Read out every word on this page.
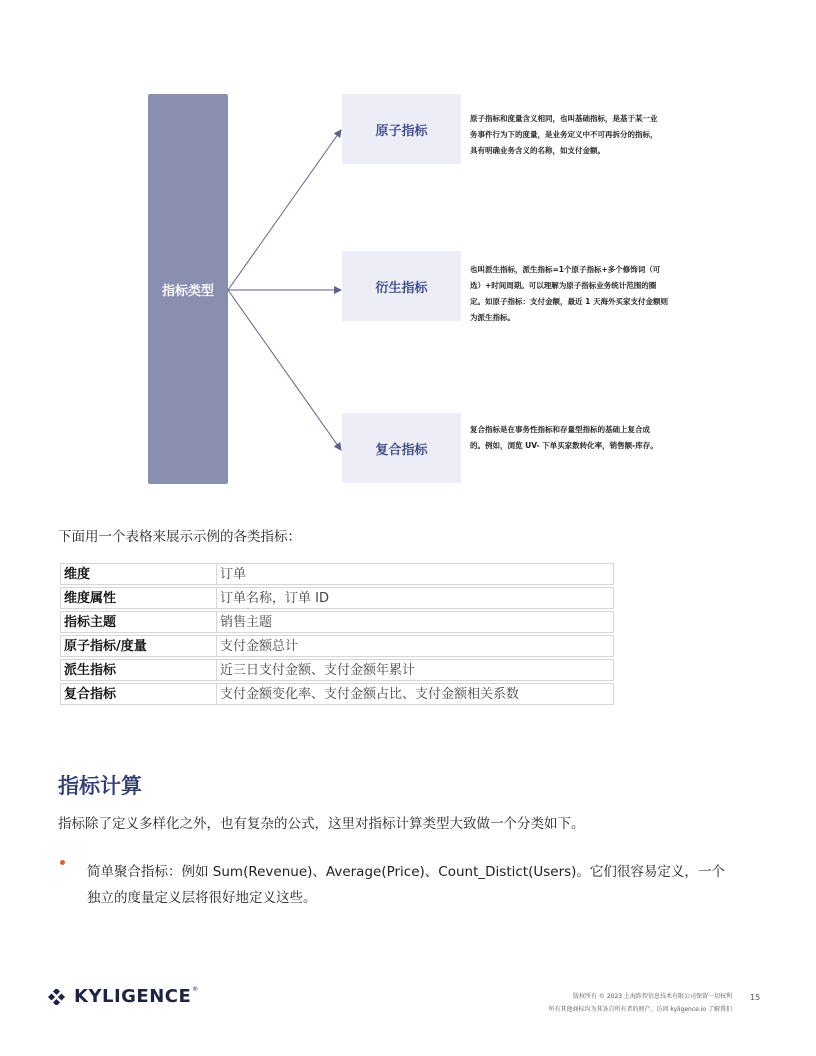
指标类型
原子指标
衍生指标
复合指标
原子指标和度量含义相同，也叫基础指标，是基于某一业
务事件行为下的度量，是业务定义中不可再拆分的指标，
具有明确业务含义的名称，如支付金额。
也叫派生指标，派生指标=1个原子指标+多个修饰词（可
选）+时间周期。可以理解为原子指标业务统计范围的圈
定。如原子指标：支付金额，最近 1 天海外买家支付金额则
为派生指标。
复合指标是在事务性指标和存量型指标的基础上复合成
的。例如，浏览 UV- 下单买家数转化率，销售额-库存。
下面用一个表格来展示示例的各类指标：
维度	订单
维度属性	订单名称，订单 ID
指标主题	销售主题
原子指标/度量	支付金额总计
派生指标	近三日支付金额、支付金额年累计
复合指标	支付金额变化率、支付金额占比、支付金额相关系数
指标计算
指标除了定义多样化之外，也有复杂的公式，这里对指标计算类型大致做一个分类如下。
简单聚合指标：例如 Sum(Revenue)、Average(Price)、Count_Distict(Users)。它们很容易定义，一个
独立的度量定义层将很好地定义这些。
KYLIGENCE ®
版权所有 © 2023 上海跬智信息技术有限公司保留一切权利
所有其他商标均为其各自所有者的财产。访问 kyligence.io 了解我们
15
